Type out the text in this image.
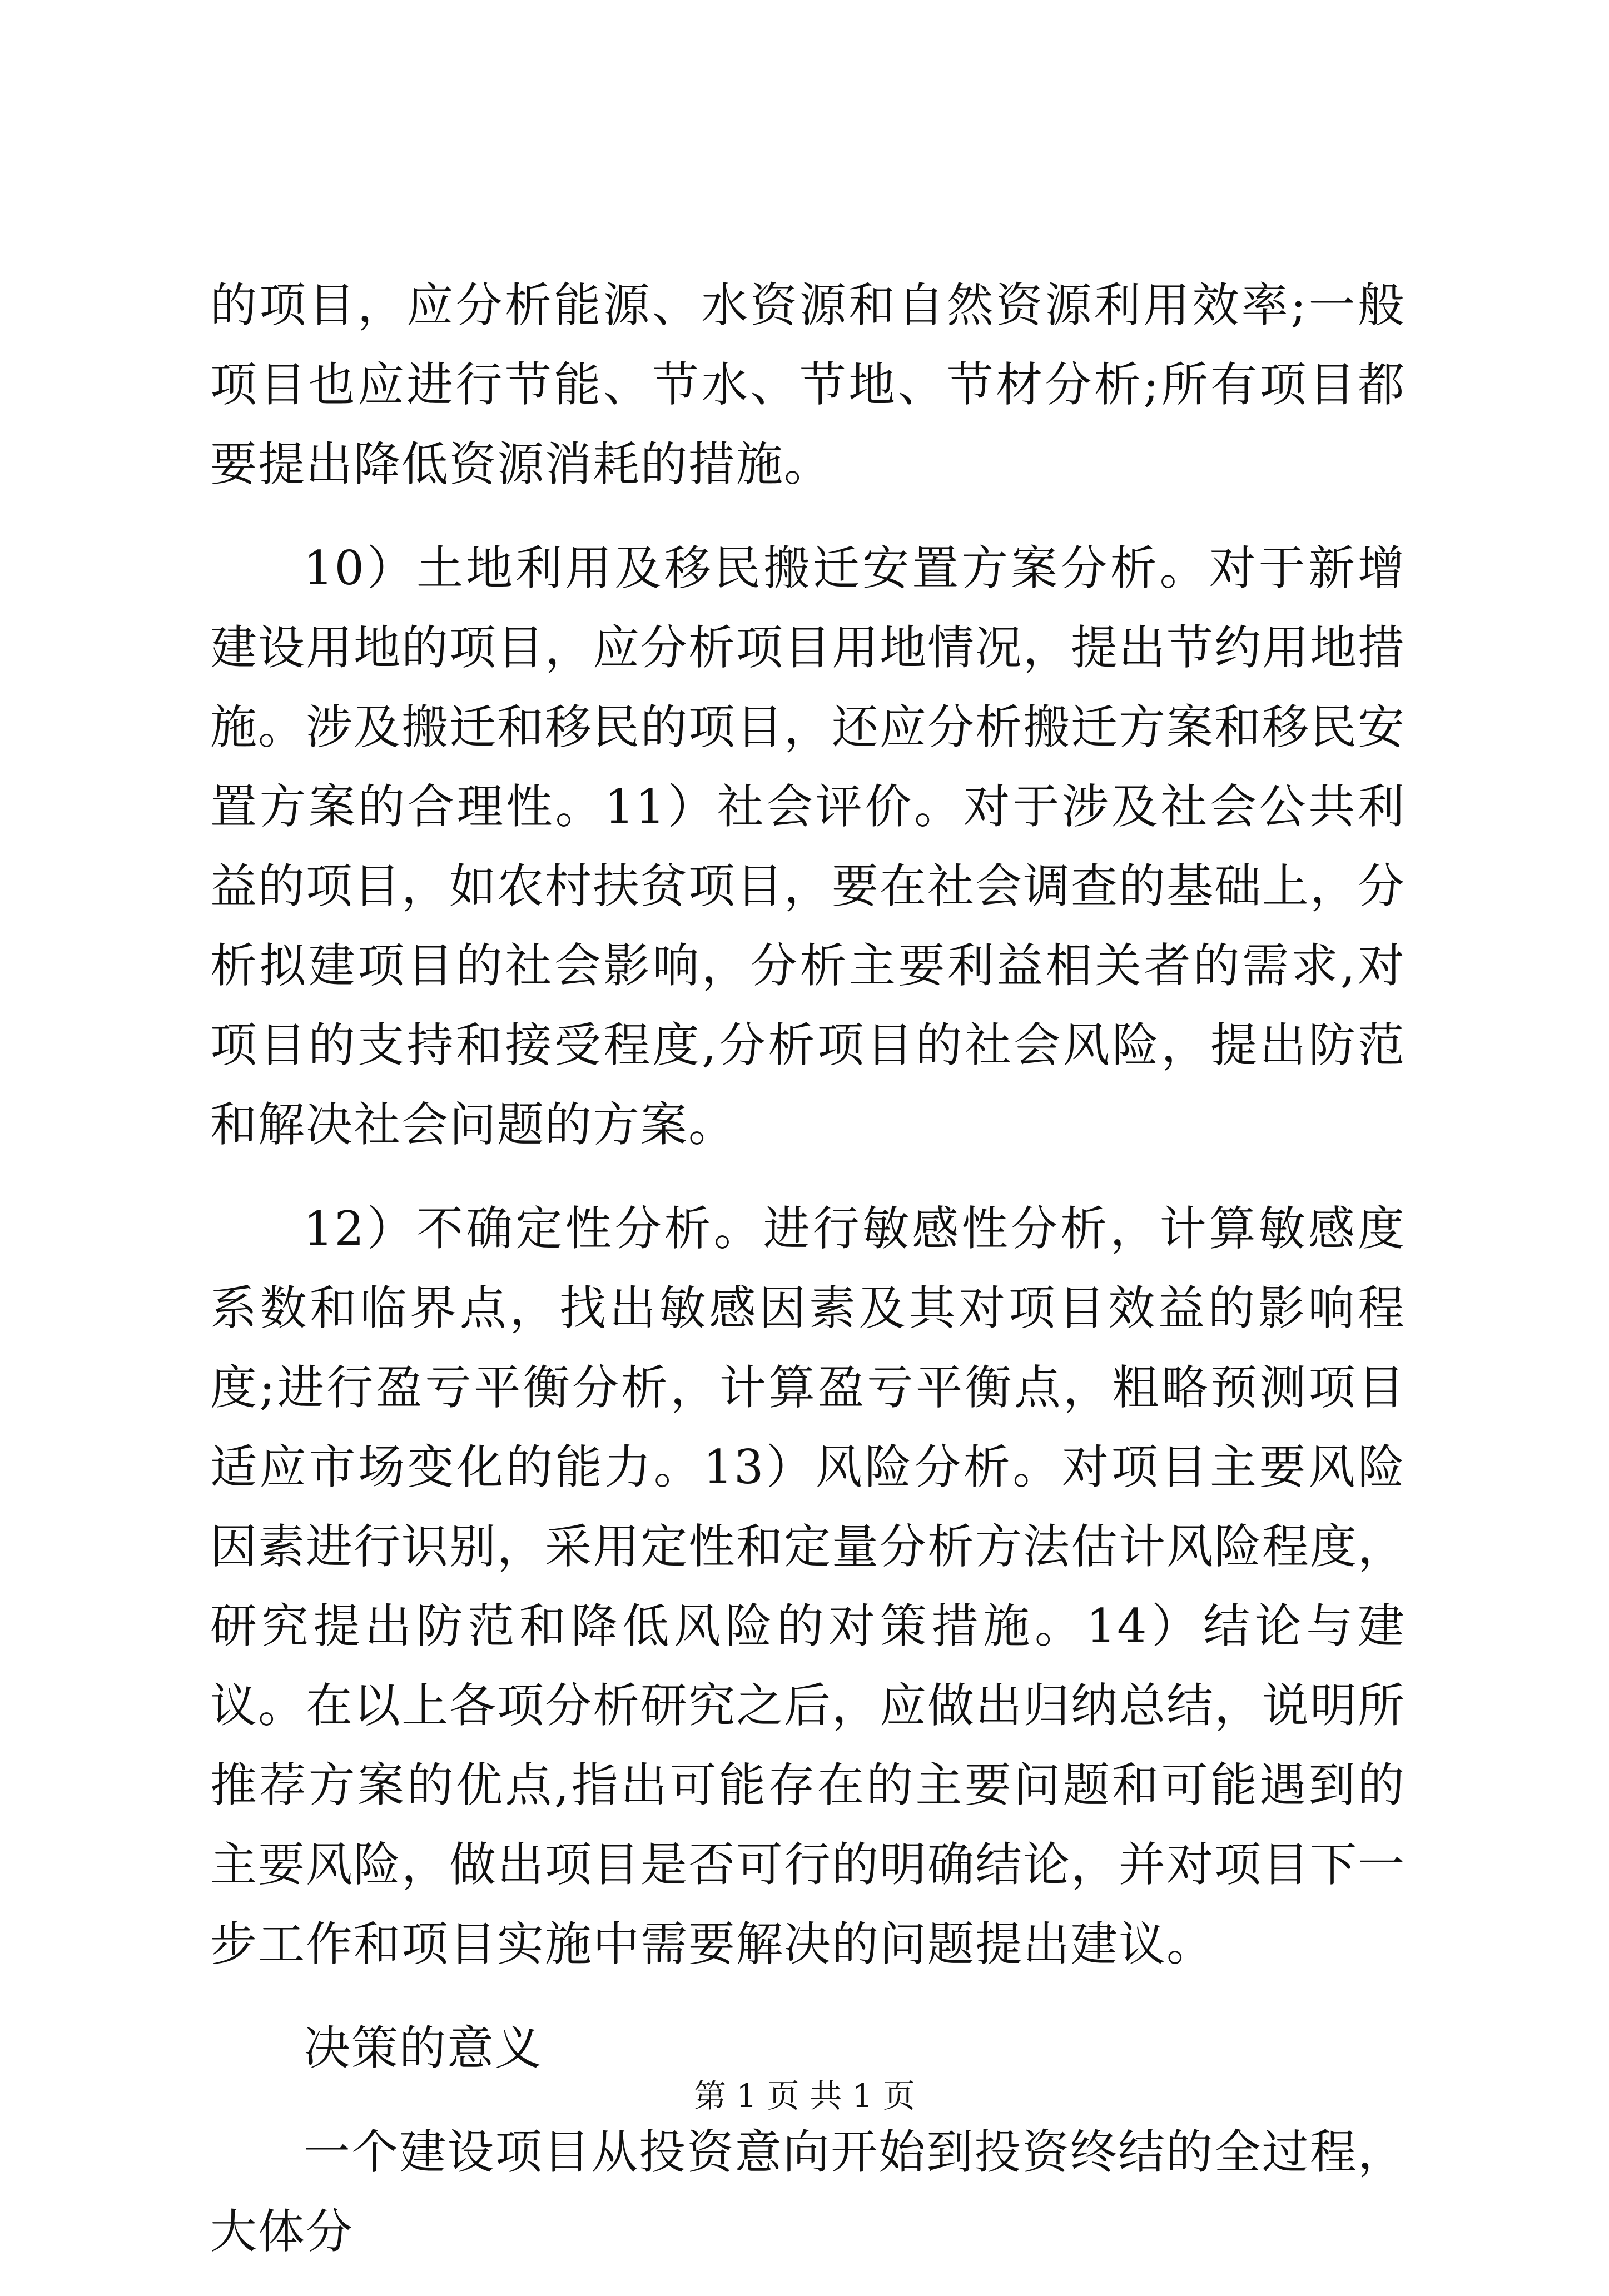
的项目，应分析能源、水资源和自然资源利用效率;一般项目也应进行节能、节水、节地、节材分析;所有项目都要提出降低资源消耗的措施。

10）土地利用及移民搬迁安置方案分析。对于新增建设用地的项目，应分析项目用地情况，提出节约用地措施。涉及搬迁和移民的项目，还应分析搬迁方案和移民安置方案的合理性。11）社会评价。对于涉及社会公共利益的项目，如农村扶贫项目，要在社会调查的基础上，分析拟建项目的社会影响，分析主要利益相关者的需求,对项目的支持和接受程度,分析项目的社会风险，提出防范和解决社会问题的方案。

12）不确定性分析。进行敏感性分析，计算敏感度系数和临界点，找出敏感因素及其对项目效益的影响程度;进行盈亏平衡分析，计算盈亏平衡点，粗略预测项目适应市场变化的能力。13）风险分析。对项目主要风险因素进行识别，采用定性和定量分析方法估计风险程度，研究提出防范和降低风险的对策措施。14）结论与建议。在以上各项分析研究之后，应做出归纳总结，说明所推荐方案的优点,指出可能存在的主要问题和可能遇到的主要风险，做出项目是否可行的明确结论，并对项目下一步工作和项目实施中需要解决的问题提出建议。

决策的意义

一个建设项目从投资意向开始到投资终结的全过程，大体分

第 1 页 共 1 页
